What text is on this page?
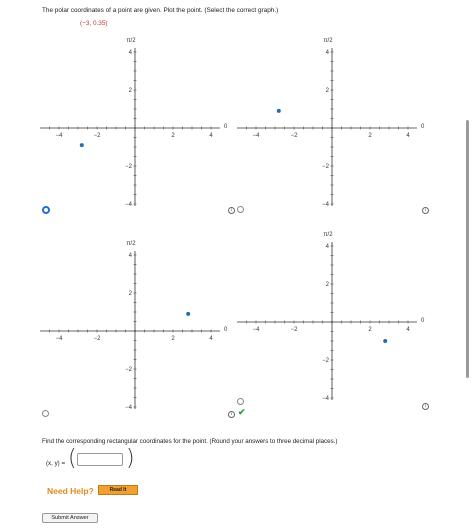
The polar coordinates of a point are given. Plot the point. (Select the correct graph.)
(−3, 0.35)
−4	−2	2	4
4
2
−2
−4
π/2
0
−4	−2	2	4
4
2
−2
−4
π/2
0
−4	−2	2	4
4
2
−2
−4
π/2
0	−4	−2	2	4
4
2
−2
−4
π/2
0
i	i
i
i
✔
Find the corresponding rectangular coordinates for the point. (Round your answers to three decimal places.)
(x, y) = ( )
Need Help?	Read It
Submit Answer
